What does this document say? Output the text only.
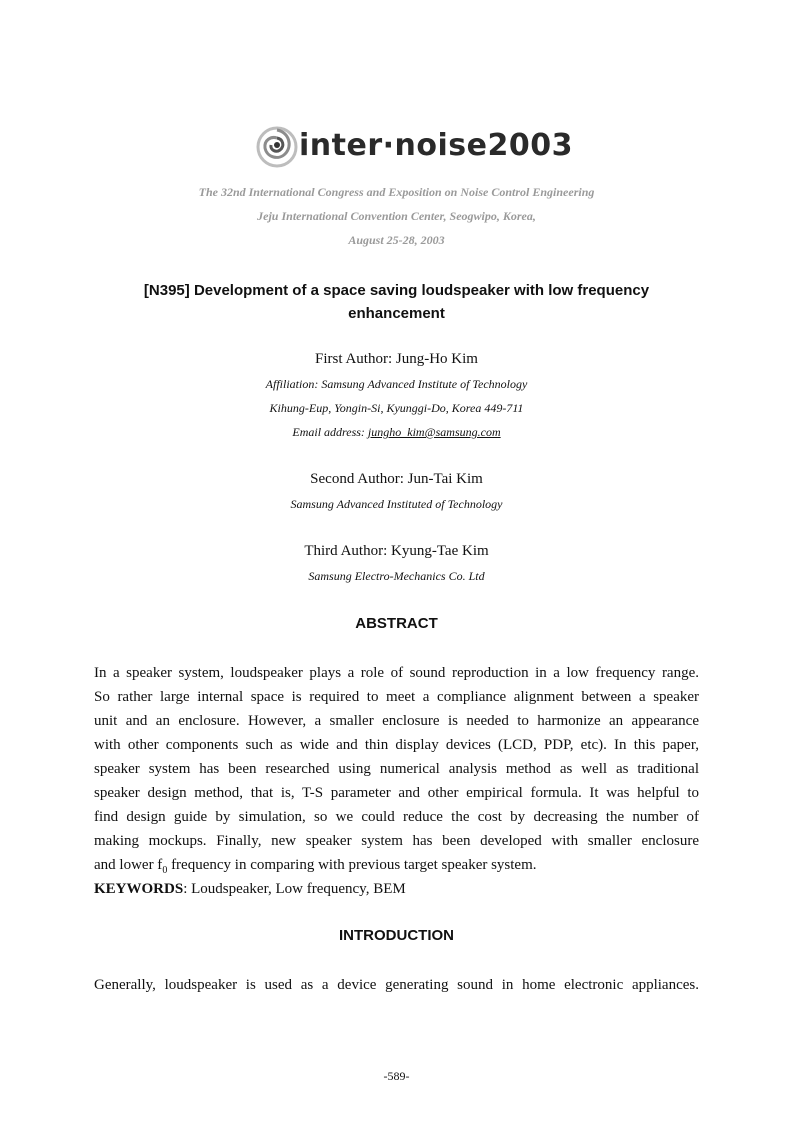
inter·noise2003
The 32nd International Congress and Exposition on Noise Control Engineering
Jeju International Convention Center, Seogwipo, Korea,
August 25-28, 2003
[N395] Development of a space saving loudspeaker with low frequency
enhancement
First Author: Jung-Ho Kim
Affiliation: Samsung Advanced Institute of Technology
Kihung-Eup, Yongin-Si, Kyunggi-Do, Korea 449-711
Email address: jungho_kim@samsung.com
Second Author: Jun-Tai Kim
Samsung Advanced Instituted of Technology
Third Author: Kyung-Tae Kim
Samsung Electro-Mechanics Co. Ltd
ABSTRACT
In a speaker system, loudspeaker plays a role of sound reproduction in a low frequency range.
So rather large internal space is required to meet a compliance alignment between a speaker
unit and an enclosure. However, a smaller enclosure is needed to harmonize an appearance
with other components such as wide and thin display devices (LCD, PDP, etc). In this paper,
speaker system has been researched using numerical analysis method as well as traditional
speaker design method, that is, T-S parameter and other empirical formula. It was helpful to
find design guide by simulation, so we could reduce the cost by decreasing the number of
making mockups. Finally, new speaker system has been developed with smaller enclosure
and lower $f_0$ frequency in comparing with previous target speaker system.
KEYWORDS: Loudspeaker, Low frequency, BEM
INTRODUCTION
Generally, loudspeaker is used as a device generating sound in home electronic appliances.
-589-
